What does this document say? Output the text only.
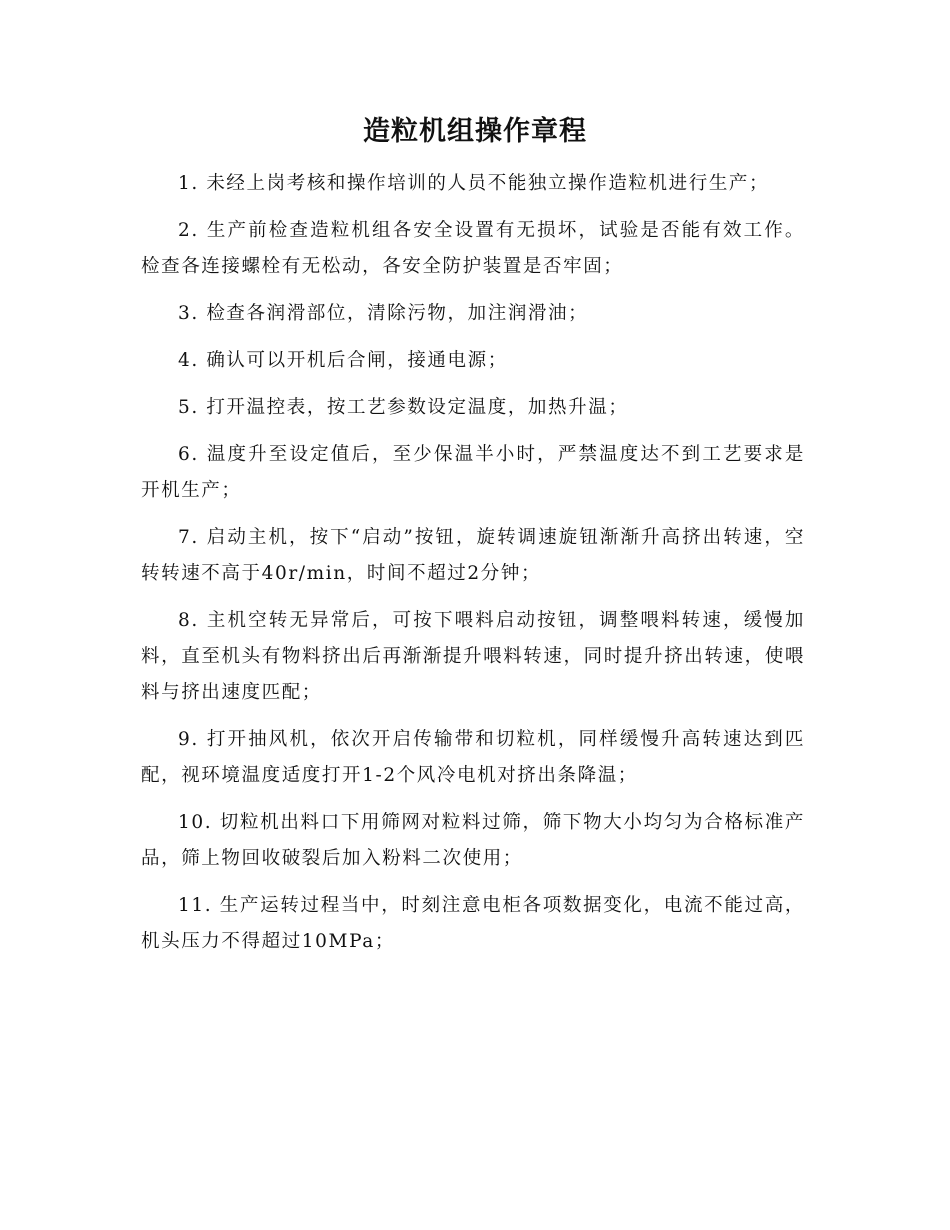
造粒机组操作章程
1. 未经上岗考核和操作培训的人员不能独立操作造粒机进行生产；
2. 生产前检查造粒机组各安全设置有无损坏，试验是否能有效工作。检查各连接螺栓有无松动，各安全防护装置是否牢固；
3. 检查各润滑部位，清除污物，加注润滑油；
4. 确认可以开机后合闸，接通电源；
5. 打开温控表，按工艺参数设定温度，加热升温；
6. 温度升至设定值后，至少保温半小时，严禁温度达不到工艺要求是开机生产；
7. 启动主机，按下“启动”按钮，旋转调速旋钮渐渐升高挤出转速，空转转速不高于40r/min，时间不超过2分钟；
8. 主机空转无异常后，可按下喂料启动按钮，调整喂料转速，缓慢加料，直至机头有物料挤出后再渐渐提升喂料转速，同时提升挤出转速，使喂料与挤出速度匹配；
9. 打开抽风机，依次开启传输带和切粒机，同样缓慢升高转速达到匹配，视环境温度适度打开1-2个风冷电机对挤出条降温；
10. 切粒机出料口下用筛网对粒料过筛，筛下物大小均匀为合格标准产品，筛上物回收破裂后加入粉料二次使用；
11. 生产运转过程当中，时刻注意电柜各项数据变化，电流不能过高，机头压力不得超过10MPa；
